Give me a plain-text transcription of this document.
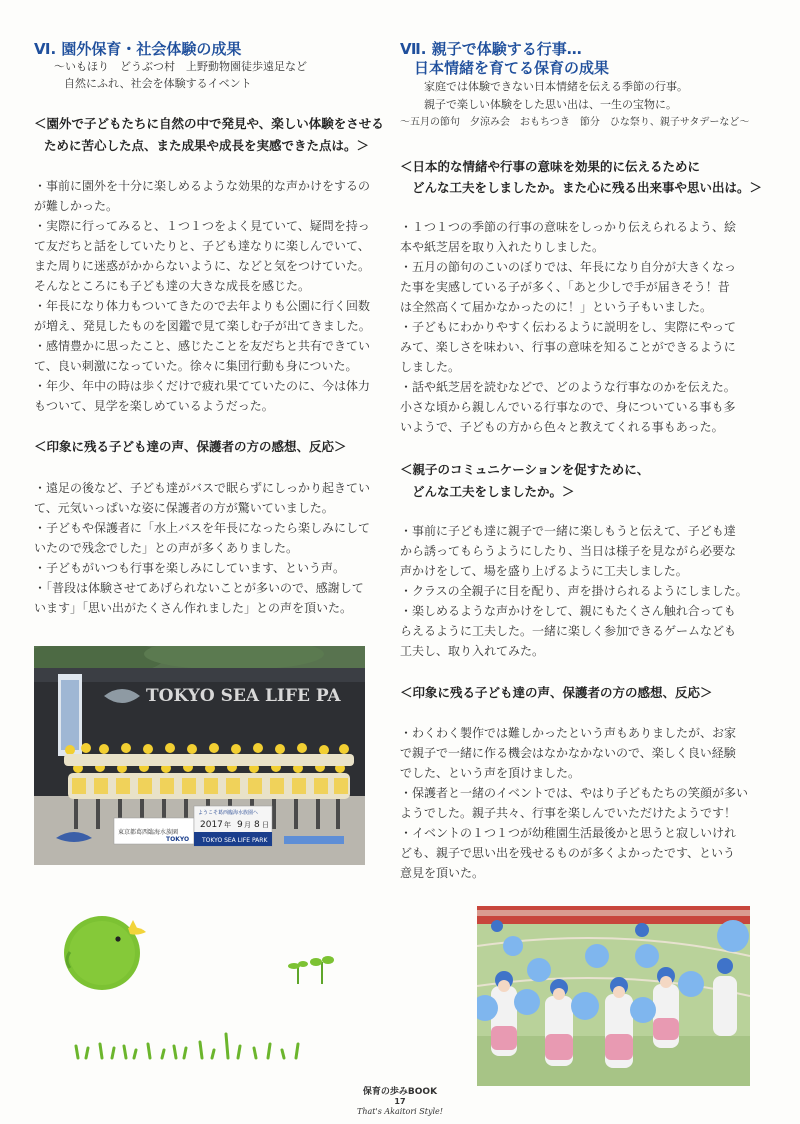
Ⅵ. 園外保育・社会体験の成果
〜いもほり　どうぶつ村　上野動物園徒歩遠足など
自然にふれ、社会を体験するイベント
＜園外で子どもたちに自然の中で発見や、楽しい体験をさせる
ために苦心した点、また成果や成長を実感できた点は。＞
・事前に園外を十分に楽しめるような効果的な声かけをするの
が難しかった。
・実際に行ってみると、１つ１つをよく見ていて、疑問を持っ
て友だちと話をしていたりと、子ども達なりに楽しんでいて、
また周りに迷惑がかからないように、などと気をつけていた。
そんなところにも子ども達の大きな成長を感じた。
・年長になり体力もついてきたので去年よりも公園に行く回数
が増え、発見したものを図鑑で見て楽しむ子が出てきました。
・感情豊かに思ったこと、感じたことを友だちと共有できてい
て、良い刺激になっていた。徐々に集団行動も身についた。
・年少、年中の時は歩くだけで疲れ果てていたのに、今は体力
もついて、見学を楽しめているようだった。
＜印象に残る子ども達の声、保護者の方の感想、反応＞
・遠足の後など、子ども達がバスで眠らずにしっかり起きてい
て、元気いっぱいな姿に保護者の方が驚いていました。
・子どもや保護者に「水上バスを年長になったら楽しみにして
いたので残念でした」との声が多くありました。
・子どもがいつも行事を楽しみにしています、という声。
・「普段は体験させてあげられないことが多いので、感謝して
います」「思い出がたくさん作れました」との声を頂いた。
TOKYO SEA LIFE PA
東京都葛西臨海水族園
TOKYO
ようこそ葛西臨海水族園へ
2017 年 9 月 8 日
TOKYO SEA LIFE PARK
Ⅶ. 親子で体験する行事…
日本情緒を育てる保育の成果
家庭では体験できない日本情緒を伝える季節の行事。
親子で楽しい体験をした思い出は、一生の宝物に。
〜五月の節句　夕涼み会　おもちつき　節分　ひな祭り、親子サタデーなど〜
＜日本的な情緒や行事の意味を効果的に伝えるために
どんな工夫をしましたか。また心に残る出来事や思い出は。＞
・１つ１つの季節の行事の意味をしっかり伝えられるよう、絵
本や紙芝居を取り入れたりしました。
・五月の節句のこいのぼりでは、年長になり自分が大きくなっ
た事を実感している子が多く、「あと少しで手が届きそう！昔
は全然高くて届かなかったのに！」という子もいました。
・子どもにわかりやすく伝わるように説明をし、実際にやって
みて、楽しさを味わい、行事の意味を知ることができるように
しました。
・話や紙芝居を読むなどで、どのような行事なのかを伝えた。
小さな頃から親しんでいる行事なので、身についている事も多
いようで、子どもの方から色々と教えてくれる事もあった。
＜親子のコミュニケーションを促すために、
どんな工夫をしましたか。＞
・事前に子ども達に親子で一緒に楽しもうと伝えて、子ども達
から誘ってもらうようにしたり、当日は様子を見ながら必要な
声かけをして、場を盛り上げるように工夫しました。
・クラスの全親子に目を配り、声を掛けられるようにしました。
・楽しめるような声かけをして、親にもたくさん触れ合っても
らえるように工夫した。一緒に楽しく参加できるゲームなども
工夫し、取り入れてみた。
＜印象に残る子ども達の声、保護者の方の感想、反応＞
・わくわく製作では難しかったという声もありましたが、お家
で親子で一緒に作る機会はなかなかないので、楽しく良い経験
でした、という声を頂けました。
・保護者と一緒のイベントでは、やはり子どもたちの笑顔が多い
ようでした。親子共々、行事を楽しんでいただけたようです！
・イベントの１つ１つが幼稚園生活最後かと思うと寂しいけれ
ども、親子で思い出を残せるものが多くよかったです、という
意見を頂いた。
保育の歩みBOOK
17
That's Akaitori Style!
